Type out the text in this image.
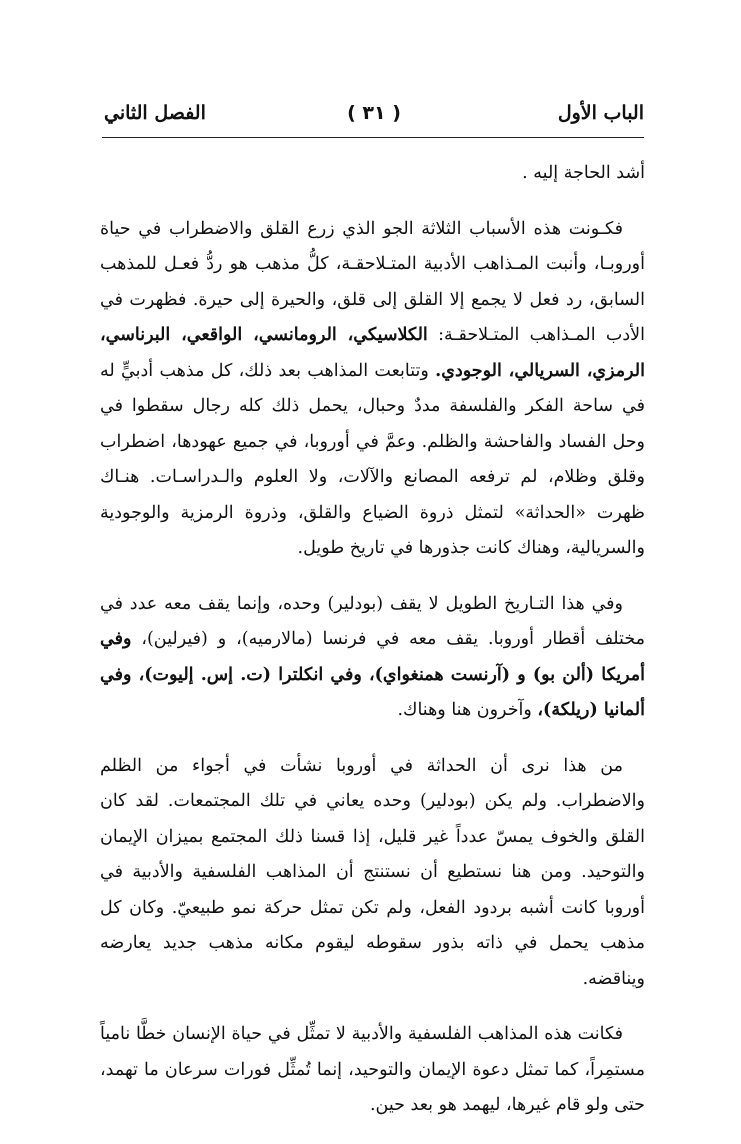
الباب الأول
( ٣١ )
الفصل الثاني

أشد الحاجة إليه .

فكـونت هذه الأسباب الثلاثة الجو الذي زرع القلق والاضطراب في حياة أوروبـا، وأنبت المـذاهب الأدبية المتـلاحقـة، كلُّ مذهب هو ردُّ فعـل للمذهب السابق، رد فعل لا يجمع إلا القلق إلى قلق، والحيرة إلى حيرة. فظهرت في الأدب المـذاهب المتـلاحقـة: الكلاسيكي، الرومانسي، الواقعي، البرناسي، الرمزي، السريالي، الوجودي. وتتابعت المذاهب بعد ذلك، كل مذهب أدبيٍّ له في ساحة الفكر والفلسفة مددٌ وحبال، يحمل ذلك كله رجال سقطوا في وحل الفساد والفاحشة والظلم. وعمَّ في أوروبا، في جميع عهودها، اضطراب وقلق وظلام، لم ترفعه المصانع والآلات، ولا العلوم والـدراسـات. هنـاك ظهرت «الحداثة» لتمثل ذروة الضياع والقلق، وذروة الرمزية والوجودية والسريالية، وهناك كانت جذورها في تاريخ طويل.

وفي هذا التـاريخ الطويل لا يقف (بودلير) وحده، وإنما يقف معه عدد في مختلف أقطار أوروبا. يقف معه في فرنسا (مالارميه)، و (فيرلين)، وفي أمريكا (ألن بو) و (آرنست همنغواي)، وفي انكلترا (ت. إس. إليوت)، وفي ألمانيا (ريلكة)، وآخرون هنا وهناك.

من هذا نرى أن الحداثة في أوروبا نشأت في أجواء من الظلم والاضطراب. ولم يكن (بودلير) وحده يعاني في تلك المجتمعات. لقد كان القلق والخوف يمسّ عدداً غير قليل، إذا قسنا ذلك المجتمع بميزان الإيمان والتوحيد. ومن هنا نستطيع أن نستنتج أن المذاهب الفلسفية والأدبية في أوروبا كانت أشبه بردود الفعل، ولم تكن تمثل حركة نمو طبيعيّ. وكان كل مذهب يحمل في ذاته بذور سقوطه ليقوم مكانه مذهب جديد يعارضه ويناقضه.

فكانت هذه المذاهب الفلسفية والأدبية لا تمثِّل في حياة الإنسان خطَّا نامياً مستمِراً، كما تمثل دعوة الإيمان والتوحيد، إنما تُمثِّل فورات سرعان ما تهمد، حتى ولو قام غيرها، ليهمد هو بعد حين.
